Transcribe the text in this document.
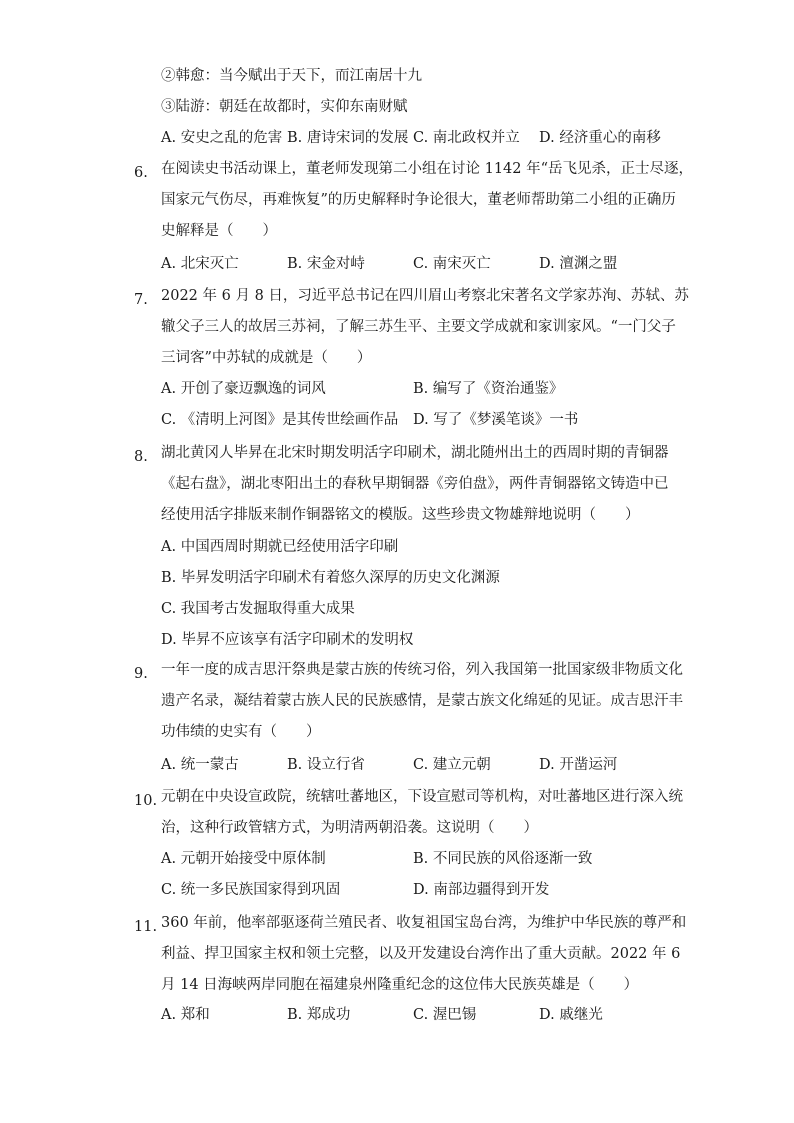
②韩愈：当今赋出于天下，而江南居十九
③陆游：朝廷在故都时，实仰东南财赋
A. 安史之乱的危害 B. 唐诗宋词的发展 C. 南北政权并立 D. 经济重心的南移
6. 在阅读史书活动课上，董老师发现第二小组在讨论 1142 年“岳飞见杀，正士尽逐，
国家元气伤尽，再难恢复”的历史解释时争论很大，董老师帮助第二小组的正确历
史解释是（　　）
A. 北宋灭亡	B. 宋金对峙	C. 南宋灭亡	D. 澶渊之盟
7. 2022 年 6 月 8 日，习近平总书记在四川眉山考察北宋著名文学家苏洵、苏轼、苏
辙父子三人的故居三苏祠，了解三苏生平、主要文学成就和家训家风。“一门父子
三词客”中苏轼的成就是（　　）
A. 开创了豪迈飘逸的词风	B. 编写了《资治通鉴》
C. 《清明上河图》是其传世绘画作品 D. 写了《梦溪笔谈》一书
8. 湖北黄冈人毕昇在北宋时期发明活字印刷术，湖北随州出土的西周时期的青铜器
《起右盘》，湖北枣阳出土的春秋早期铜器《旁伯盘》，两件青铜器铭文铸造中已
经使用活字排版来制作铜器铭文的模版。这些珍贵文物雄辩地说明（　　）
A. 中国西周时期就已经使用活字印刷
B. 毕昇发明活字印刷术有着悠久深厚的历史文化渊源
C. 我国考古发掘取得重大成果
D. 毕昇不应该享有活字印刷术的发明权
9. 一年一度的成吉思汗祭典是蒙古族的传统习俗，列入我国第一批国家级非物质文化
遗产名录，凝结着蒙古族人民的民族感情，是蒙古族文化绵延的见证。成吉思汗丰
功伟绩的史实有（　　）
A. 统一蒙古	B. 设立行省	C. 建立元朝	D. 开凿运河
10. 元朝在中央设宣政院，统辖吐蕃地区，下设宣慰司等机构，对吐蕃地区进行深入统
治，这种行政管辖方式，为明清两朝沿袭。这说明（　　）
A. 元朝开始接受中原体制	B. 不同民族的风俗逐渐一致
C. 统一多民族国家得到巩固	D. 南部边疆得到开发
11. 360 年前，他率部驱逐荷兰殖民者、收复祖国宝岛台湾，为维护中华民族的尊严和
利益、捍卫国家主权和领土完整，以及开发建设台湾作出了重大贡献。2022 年 6
月 14 日海峡两岸同胞在福建泉州隆重纪念的这位伟大民族英雄是（　　）
A. 郑和	B. 郑成功	C. 渥巴锡	D. 戚继光
